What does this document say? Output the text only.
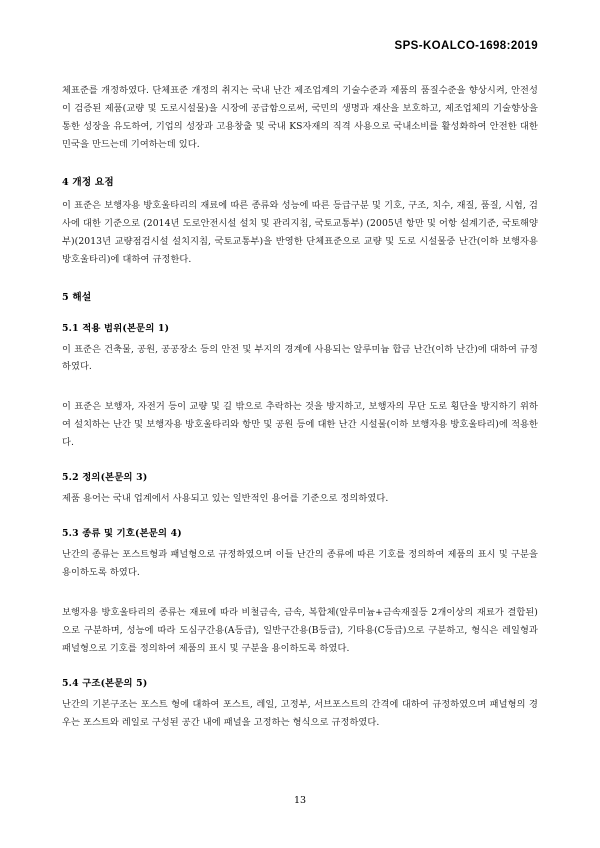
SPS-KOALCO-1698:2019

체표준를 개정하였다. 단체표준 개정의 취지는 국내 난간 제조업계의 기술수준과 제품의 품질수준을 향상시켜, 안전성이 검증된 제품(교량 및 도로시설물)을 시장에 공급함으로써, 국민의 생명과 재산을 보호하고, 제조업체의 기술향상을 통한 성장을 유도하여, 기업의 성장과 고용창출 및 국내 KS자재의 직격 사용으로 국내소비를 활성화하여 안전한 대한민국을 만드는데 기여하는데 있다.

4 개정 요점

이 표준은 보행자용 방호울타리의 재료에 따른 종류와 성능에 따른 등급구분 및 기호, 구조, 치수, 재질, 품질, 시험, 검사에 대한 기준으로 (2014년 도로안전시설 설치 및 관리지침, 국토교통부) (2005년 항만 및 어항 설계기준, 국토해양부)(2013년 교량점검시설 설치지침, 국토교통부)을 반영한 단체표준으로 교량 및 도로 시설물중 난간(이하 보행자용 방호울타리)에 대하여 규정한다.

5 해설
5.1 적용 범위(본문의 1)

이 표준은 건축물, 공원, 공공장소 등의 안전 및 부지의 경계에 사용되는 알루미늄 합금 난간(이하 난간)에 대하여 규정하였다.

이 표준은 보행자, 자전거 등이 교량 및 길 밖으로 추락하는 것을 방지하고, 보행자의 무단 도로 횡단을 방지하기 위하여 설치하는 난간 및 보행자용 방호울타리와 항만 및 공원 등에 대한 난간 시설물(이하 보행자용 방호울타리)에 적용한다.

5.2 정의(본문의 3)

제품 용어는 국내 업계에서 사용되고 있는 일반적인 용어를 기준으로 정의하였다.

5.3 종류 및 기호(본문의 4)

난간의 종류는 포스트형과 패널형으로 규정하였으며 이들 난간의 종류에 따른 기호를 정의하여 제품의 표시 및 구분을 용이하도록 하였다.

보행자용 방호울타리의 종류는 재료에 따라 비철금속, 금속, 복합체(알루미늄+금속재질등 2개이상의 재료가 결합된)으로 구분하며, 성능에 따라 도심구간용(A등급), 일반구간용(B등급), 기타용(C등급)으로 구분하고, 형식은 레일형과 패널형으로 기호를 정의하여 제품의 표시 및 구분을 용이하도록 하였다.

5.4 구조(본문의 5)

난간의 기본구조는 포스트 형에 대하여 포스트, 레일, 고정부, 서브포스트의 간격에 대하여 규정하였으며 패널형의 경우는 포스트와 레일로 구성된 공간 내에 패널을 고정하는 형식으로 규정하였다.

13
